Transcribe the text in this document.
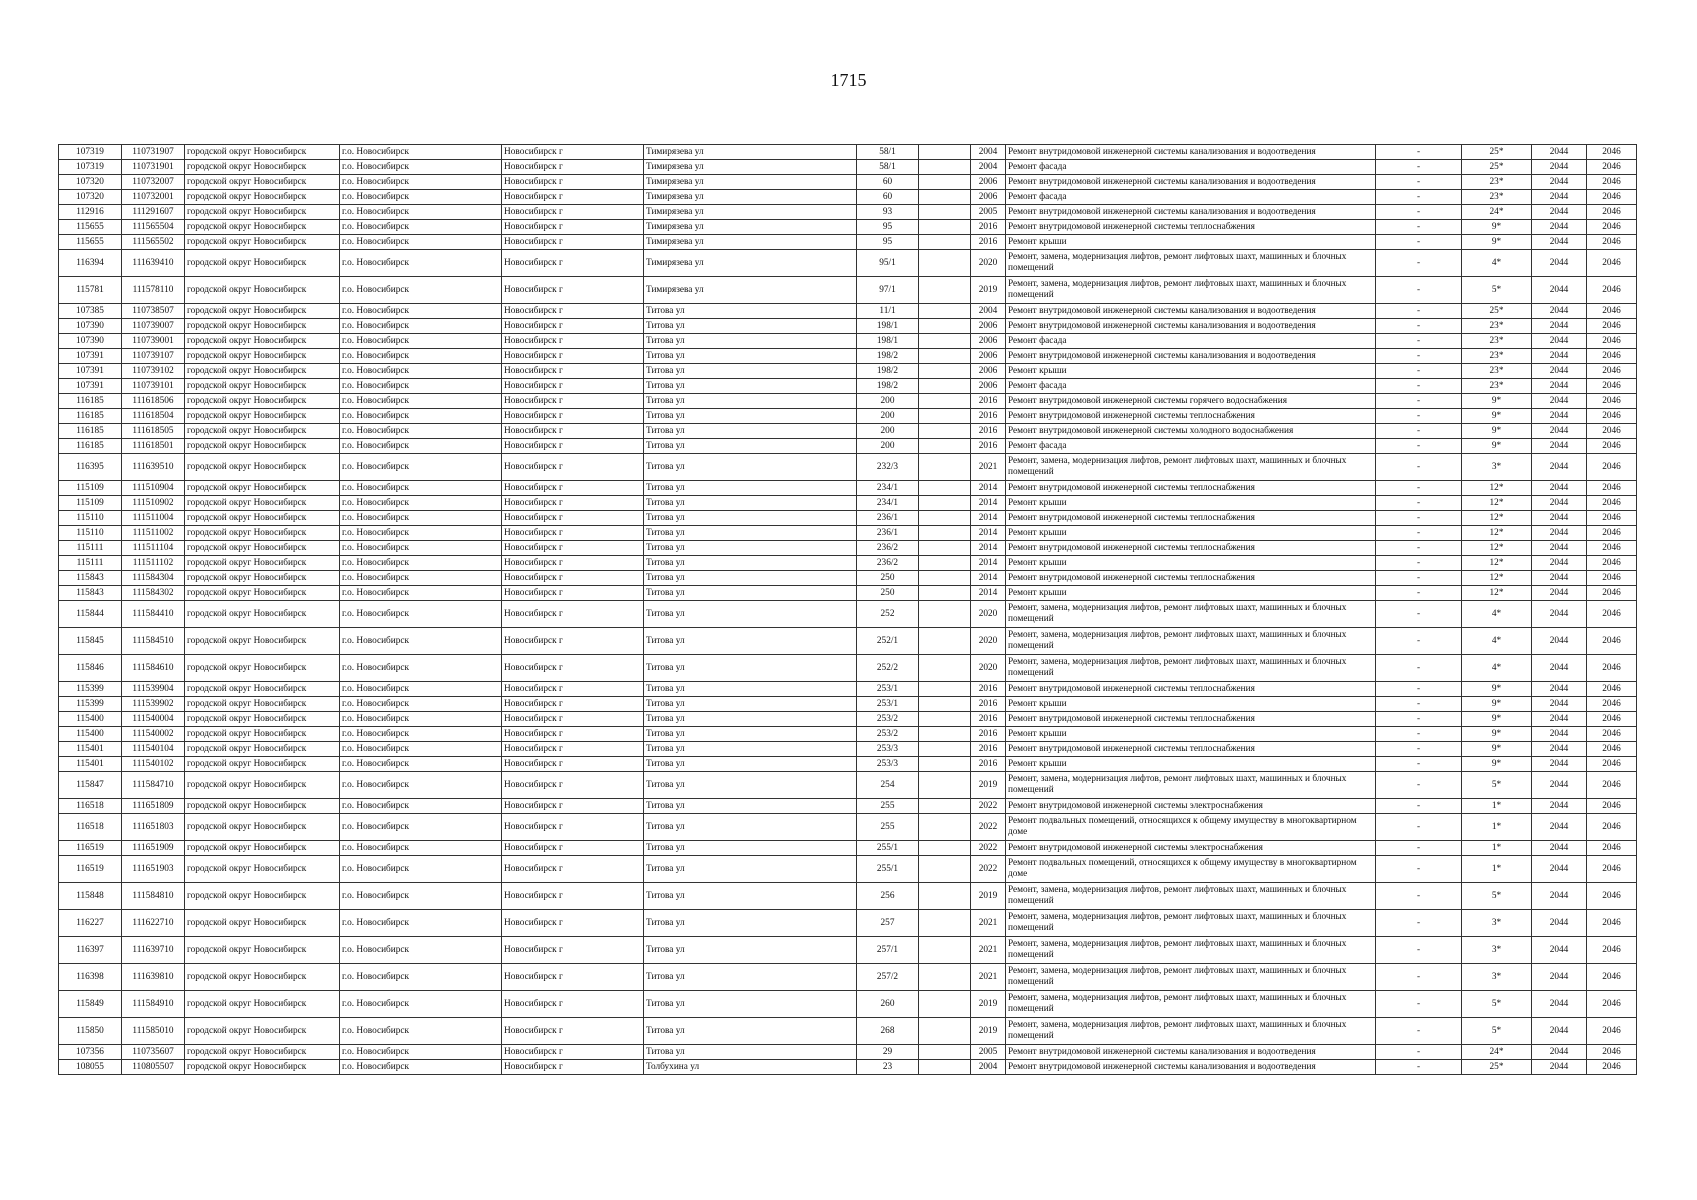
1715
107319	110731907	городской округ Новосибирск	г.о. Новосибирск	Новосибирск г	Тимирязева ул	58/1		2004	Ремонт внутридомовой инженерной системы канализования и водоотведения	-	25*	2044	2046
107319	110731901	городской округ Новосибирск	г.о. Новосибирск	Новосибирск г	Тимирязева ул	58/1		2004	Ремонт фасада	-	25*	2044	2046
107320	110732007	городской округ Новосибирск	г.о. Новосибирск	Новосибирск г	Тимирязева ул	60		2006	Ремонт внутридомовой инженерной системы канализования и водоотведения	-	23*	2044	2046
107320	110732001	городской округ Новосибирск	г.о. Новосибирск	Новосибирск г	Тимирязева ул	60		2006	Ремонт фасада	-	23*	2044	2046
112916	111291607	городской округ Новосибирск	г.о. Новосибирск	Новосибирск г	Тимирязева ул	93		2005	Ремонт внутридомовой инженерной системы канализования и водоотведения	-	24*	2044	2046
115655	111565504	городской округ Новосибирск	г.о. Новосибирск	Новосибирск г	Тимирязева ул	95		2016	Ремонт внутридомовой инженерной системы теплоснабжения	-	9*	2044	2046
115655	111565502	городской округ Новосибирск	г.о. Новосибирск	Новосибирск г	Тимирязева ул	95		2016	Ремонт крыши	-	9*	2044	2046
116394	111639410	городской округ Новосибирск	г.о. Новосибирск	Новосибирск г	Тимирязева ул	95/1		2020	Ремонт, замена, модернизация лифтов, ремонт лифтовых шахт, машинных и блочных помещений	-	4*	2044	2046
115781	111578110	городской округ Новосибирск	г.о. Новосибирск	Новосибирск г	Тимирязева ул	97/1		2019	Ремонт, замена, модернизация лифтов, ремонт лифтовых шахт, машинных и блочных помещений	-	5*	2044	2046
107385	110738507	городской округ Новосибирск	г.о. Новосибирск	Новосибирск г	Титова ул	11/1		2004	Ремонт внутридомовой инженерной системы канализования и водоотведения	-	25*	2044	2046
107390	110739007	городской округ Новосибирск	г.о. Новосибирск	Новосибирск г	Титова ул	198/1		2006	Ремонт внутридомовой инженерной системы канализования и водоотведения	-	23*	2044	2046
107390	110739001	городской округ Новосибирск	г.о. Новосибирск	Новосибирск г	Титова ул	198/1		2006	Ремонт фасада	-	23*	2044	2046
107391	110739107	городской округ Новосибирск	г.о. Новосибирск	Новосибирск г	Титова ул	198/2		2006	Ремонт внутридомовой инженерной системы канализования и водоотведения	-	23*	2044	2046
107391	110739102	городской округ Новосибирск	г.о. Новосибирск	Новосибирск г	Титова ул	198/2		2006	Ремонт крыши	-	23*	2044	2046
107391	110739101	городской округ Новосибирск	г.о. Новосибирск	Новосибирск г	Титова ул	198/2		2006	Ремонт фасада	-	23*	2044	2046
116185	111618506	городской округ Новосибирск	г.о. Новосибирск	Новосибирск г	Титова ул	200		2016	Ремонт внутридомовой инженерной системы горячего водоснабжения	-	9*	2044	2046
116185	111618504	городской округ Новосибирск	г.о. Новосибирск	Новосибирск г	Титова ул	200		2016	Ремонт внутридомовой инженерной системы теплоснабжения	-	9*	2044	2046
116185	111618505	городской округ Новосибирск	г.о. Новосибирск	Новосибирск г	Титова ул	200		2016	Ремонт внутридомовой инженерной системы холодного водоснабжения	-	9*	2044	2046
116185	111618501	городской округ Новосибирск	г.о. Новосибирск	Новосибирск г	Титова ул	200		2016	Ремонт фасада	-	9*	2044	2046
116395	111639510	городской округ Новосибирск	г.о. Новосибирск	Новосибирск г	Титова ул	232/3		2021	Ремонт, замена, модернизация лифтов, ремонт лифтовых шахт, машинных и блочных помещений	-	3*	2044	2046
115109	111510904	городской округ Новосибирск	г.о. Новосибирск	Новосибирск г	Титова ул	234/1		2014	Ремонт внутридомовой инженерной системы теплоснабжения	-	12*	2044	2046
115109	111510902	городской округ Новосибирск	г.о. Новосибирск	Новосибирск г	Титова ул	234/1		2014	Ремонт крыши	-	12*	2044	2046
115110	111511004	городской округ Новосибирск	г.о. Новосибирск	Новосибирск г	Титова ул	236/1		2014	Ремонт внутридомовой инженерной системы теплоснабжения	-	12*	2044	2046
115110	111511002	городской округ Новосибирск	г.о. Новосибирск	Новосибирск г	Титова ул	236/1		2014	Ремонт крыши	-	12*	2044	2046
115111	111511104	городской округ Новосибирск	г.о. Новосибирск	Новосибирск г	Титова ул	236/2		2014	Ремонт внутридомовой инженерной системы теплоснабжения	-	12*	2044	2046
115111	111511102	городской округ Новосибирск	г.о. Новосибирск	Новосибирск г	Титова ул	236/2		2014	Ремонт крыши	-	12*	2044	2046
115843	111584304	городской округ Новосибирск	г.о. Новосибирск	Новосибирск г	Титова ул	250		2014	Ремонт внутридомовой инженерной системы теплоснабжения	-	12*	2044	2046
115843	111584302	городской округ Новосибирск	г.о. Новосибирск	Новосибирск г	Титова ул	250		2014	Ремонт крыши	-	12*	2044	2046
115844	111584410	городской округ Новосибирск	г.о. Новосибирск	Новосибирск г	Титова ул	252		2020	Ремонт, замена, модернизация лифтов, ремонт лифтовых шахт, машинных и блочных помещений	-	4*	2044	2046
115845	111584510	городской округ Новосибирск	г.о. Новосибирск	Новосибирск г	Титова ул	252/1		2020	Ремонт, замена, модернизация лифтов, ремонт лифтовых шахт, машинных и блочных помещений	-	4*	2044	2046
115846	111584610	городской округ Новосибирск	г.о. Новосибирск	Новосибирск г	Титова ул	252/2		2020	Ремонт, замена, модернизация лифтов, ремонт лифтовых шахт, машинных и блочных помещений	-	4*	2044	2046
115399	111539904	городской округ Новосибирск	г.о. Новосибирск	Новосибирск г	Титова ул	253/1		2016	Ремонт внутридомовой инженерной системы теплоснабжения	-	9*	2044	2046
115399	111539902	городской округ Новосибирск	г.о. Новосибирск	Новосибирск г	Титова ул	253/1		2016	Ремонт крыши	-	9*	2044	2046
115400	111540004	городской округ Новосибирск	г.о. Новосибирск	Новосибирск г	Титова ул	253/2		2016	Ремонт внутридомовой инженерной системы теплоснабжения	-	9*	2044	2046
115400	111540002	городской округ Новосибирск	г.о. Новосибирск	Новосибирск г	Титова ул	253/2		2016	Ремонт крыши	-	9*	2044	2046
115401	111540104	городской округ Новосибирск	г.о. Новосибирск	Новосибирск г	Титова ул	253/3		2016	Ремонт внутридомовой инженерной системы теплоснабжения	-	9*	2044	2046
115401	111540102	городской округ Новосибирск	г.о. Новосибирск	Новосибирск г	Титова ул	253/3		2016	Ремонт крыши	-	9*	2044	2046
115847	111584710	городской округ Новосибирск	г.о. Новосибирск	Новосибирск г	Титова ул	254		2019	Ремонт, замена, модернизация лифтов, ремонт лифтовых шахт, машинных и блочных помещений	-	5*	2044	2046
116518	111651809	городской округ Новосибирск	г.о. Новосибирск	Новосибирск г	Титова ул	255		2022	Ремонт внутридомовой инженерной системы электроснабжения	-	1*	2044	2046
116518	111651803	городской округ Новосибирск	г.о. Новосибирск	Новосибирск г	Титова ул	255		2022	Ремонт подвальных помещений, относящихся к общему имуществу в многоквартирном доме	-	1*	2044	2046
116519	111651909	городской округ Новосибирск	г.о. Новосибирск	Новосибирск г	Титова ул	255/1		2022	Ремонт внутридомовой инженерной системы электроснабжения	-	1*	2044	2046
116519	111651903	городской округ Новосибирск	г.о. Новосибирск	Новосибирск г	Титова ул	255/1		2022	Ремонт подвальных помещений, относящихся к общему имуществу в многоквартирном доме	-	1*	2044	2046
115848	111584810	городской округ Новосибирск	г.о. Новосибирск	Новосибирск г	Титова ул	256		2019	Ремонт, замена, модернизация лифтов, ремонт лифтовых шахт, машинных и блочных помещений	-	5*	2044	2046
116227	111622710	городской округ Новосибирск	г.о. Новосибирск	Новосибирск г	Титова ул	257		2021	Ремонт, замена, модернизация лифтов, ремонт лифтовых шахт, машинных и блочных помещений	-	3*	2044	2046
116397	111639710	городской округ Новосибирск	г.о. Новосибирск	Новосибирск г	Титова ул	257/1		2021	Ремонт, замена, модернизация лифтов, ремонт лифтовых шахт, машинных и блочных помещений	-	3*	2044	2046
116398	111639810	городской округ Новосибирск	г.о. Новосибирск	Новосибирск г	Титова ул	257/2		2021	Ремонт, замена, модернизация лифтов, ремонт лифтовых шахт, машинных и блочных помещений	-	3*	2044	2046
115849	111584910	городской округ Новосибирск	г.о. Новосибирск	Новосибирск г	Титова ул	260		2019	Ремонт, замена, модернизация лифтов, ремонт лифтовых шахт, машинных и блочных помещений	-	5*	2044	2046
115850	111585010	городской округ Новосибирск	г.о. Новосибирск	Новосибирск г	Титова ул	268		2019	Ремонт, замена, модернизация лифтов, ремонт лифтовых шахт, машинных и блочных помещений	-	5*	2044	2046
107356	110735607	городской округ Новосибирск	г.о. Новосибирск	Новосибирск г	Титова ул	29		2005	Ремонт внутридомовой инженерной системы канализования и водоотведения	-	24*	2044	2046
108055	110805507	городской округ Новосибирск	г.о. Новосибирск	Новосибирск г	Толбухина ул	23		2004	Ремонт внутридомовой инженерной системы канализования и водоотведения	-	25*	2044	2046
